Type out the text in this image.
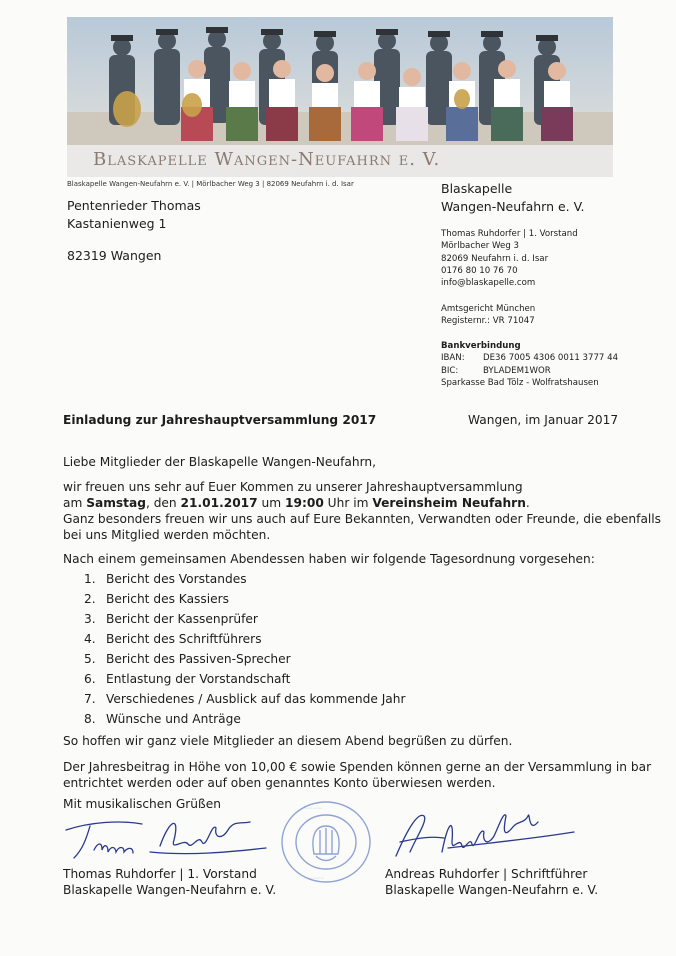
Blaskapelle Wangen-Neufahrn e. V.
Blaskapelle Wangen-Neufahrn e. V. | Mörlbacher Weg 3 | 82069 Neufahrn i. d. Isar
Pentenrieder Thomas
Kastanienweg 1
82319 Wangen
Blaskapelle
Wangen-Neufahrn e. V.
Thomas Ruhdorfer | 1. Vorstand
Mörlbacher Weg 3
82069 Neufahrn i. d. Isar
0176 80 10 76 70
info@blaskapelle.com
Amtsgericht München
Registernr.: VR 71047
Bankverbindung
IBAN: DE36 7005 4306 0011 3777 44
BIC:	BYLADEM1WOR
Sparkasse Bad Tölz - Wolfratshausen
Einladung zur Jahreshauptversammlung 2017	Wangen, im Januar 2017
Liebe Mitglieder der Blaskapelle Wangen-Neufahrn,
wir freuen uns sehr auf Euer Kommen zu unserer Jahreshauptversammlung
am Samstag, den 21.01.2017 um 19:00 Uhr im Vereinsheim Neufahrn.
Ganz besonders freuen wir uns auch auf Eure Bekannten, Verwandten oder Freunde, die ebenfalls
bei uns Mitglied werden möchten.
Nach einem gemeinsamen Abendessen haben wir folgende Tagesordnung vorgesehen:
1. Bericht des Vorstandes
2. Bericht des Kassiers
3. Bericht der Kassenprüfer
4. Bericht des Schriftführers
5. Bericht des Passiven-Sprecher
6. Entlastung der Vorstandschaft
7. Verschiedenes / Ausblick auf das kommende Jahr
8. Wünsche und Anträge
So hoffen wir ganz viele Mitglieder an diesem Abend begrüßen zu dürfen.
Der Jahresbeitrag in Höhe von 10,00 € sowie Spenden können gerne an der Versammlung in bar
entrichtet werden oder auf oben genanntes Konto überwiesen werden.
Mit musikalischen Grüßen	⋯⋯⋯
⋯⋯⋯
Thomas Ruhdorfer | 1. Vorstand
Blaskapelle Wangen-Neufahrn e. V.
Andreas Ruhdorfer | Schriftführer
Blaskapelle Wangen-Neufahrn e. V.
